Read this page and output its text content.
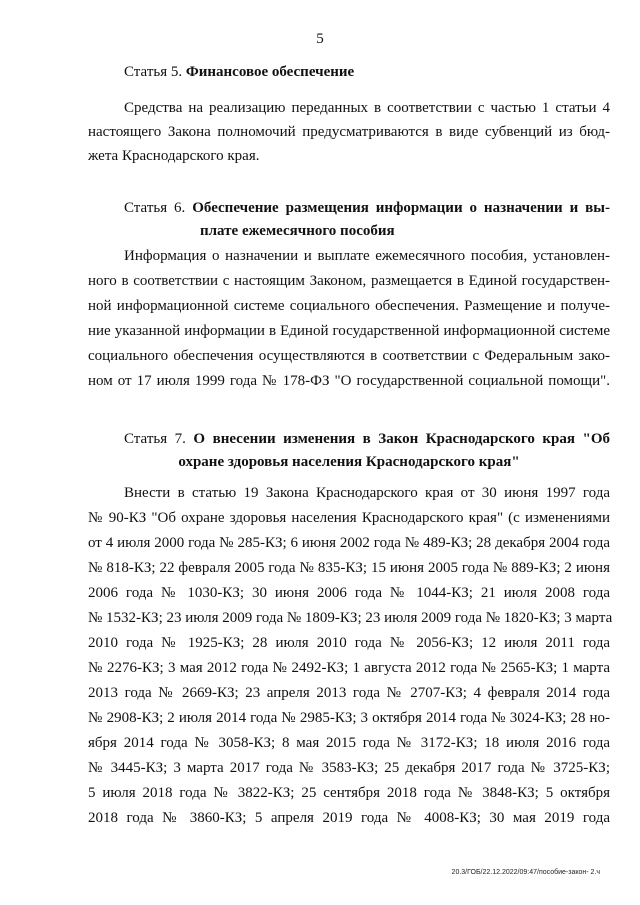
5
Статья 5. Финансовое обеспечение
Средства на реализацию переданных в соответствии с частью 1 статьи 4
настоящего Закона полномочий предусматриваются в виде субвенций из бюд-
жета Краснодарского края.
Статья 6. Обеспечение размещения информации о назначении и вы-
плате ежемесячного пособия
Информация о назначении и выплате ежемесячного пособия, установлен-
ного в соответствии с настоящим Законом, размещается в Единой государствен-
ной информационной системе социального обеспечения. Размещение и получе-
ние указанной информации в Единой государственной информационной системе
социального обеспечения осуществляются в соответствии с Федеральным зако-
ном от 17 июля 1999 года № 178-ФЗ "О государственной социальной помощи".
Статья 7. О внесении изменения в Закон Краснодарского края "Об
охране здоровья населения Краснодарского края"
Внести в статью 19 Закона Краснодарского края от 30 июня 1997 года
№ 90-КЗ "Об охране здоровья населения Краснодарского края" (с изменениями
от 4 июля 2000 года № 285-КЗ; 6 июня 2002 года № 489-КЗ; 28 декабря 2004 года
№ 818-КЗ; 22 февраля 2005 года № 835-КЗ; 15 июня 2005 года № 889-КЗ; 2 июня
2006 года № 1030-КЗ; 30 июня 2006 года № 1044-КЗ; 21 июля 2008 года
№ 1532-КЗ; 23 июля 2009 года № 1809-КЗ; 23 июля 2009 года № 1820-КЗ; 3 марта
2010 года № 1925-КЗ; 28 июля 2010 года № 2056-КЗ; 12 июля 2011 года
№ 2276-КЗ; 3 мая 2012 года № 2492-КЗ; 1 августа 2012 года № 2565-КЗ; 1 марта
2013 года № 2669-КЗ; 23 апреля 2013 года № 2707-КЗ; 4 февраля 2014 года
№ 2908-КЗ; 2 июля 2014 года № 2985-КЗ; 3 октября 2014 года № 3024-КЗ; 28 но-
ября 2014 года № 3058-КЗ; 8 мая 2015 года № 3172-КЗ; 18 июля 2016 года
№ 3445-КЗ; 3 марта 2017 года № 3583-КЗ; 25 декабря 2017 года № 3725-КЗ;
5 июля 2018 года № 3822-КЗ; 25 сентября 2018 года № 3848-КЗ; 5 октября
2018 года № 3860-КЗ; 5 апреля 2019 года № 4008-КЗ; 30 мая 2019 года
20.3/ГОБ/22.12.2022/09:47/пособие-закон- 2.ч
